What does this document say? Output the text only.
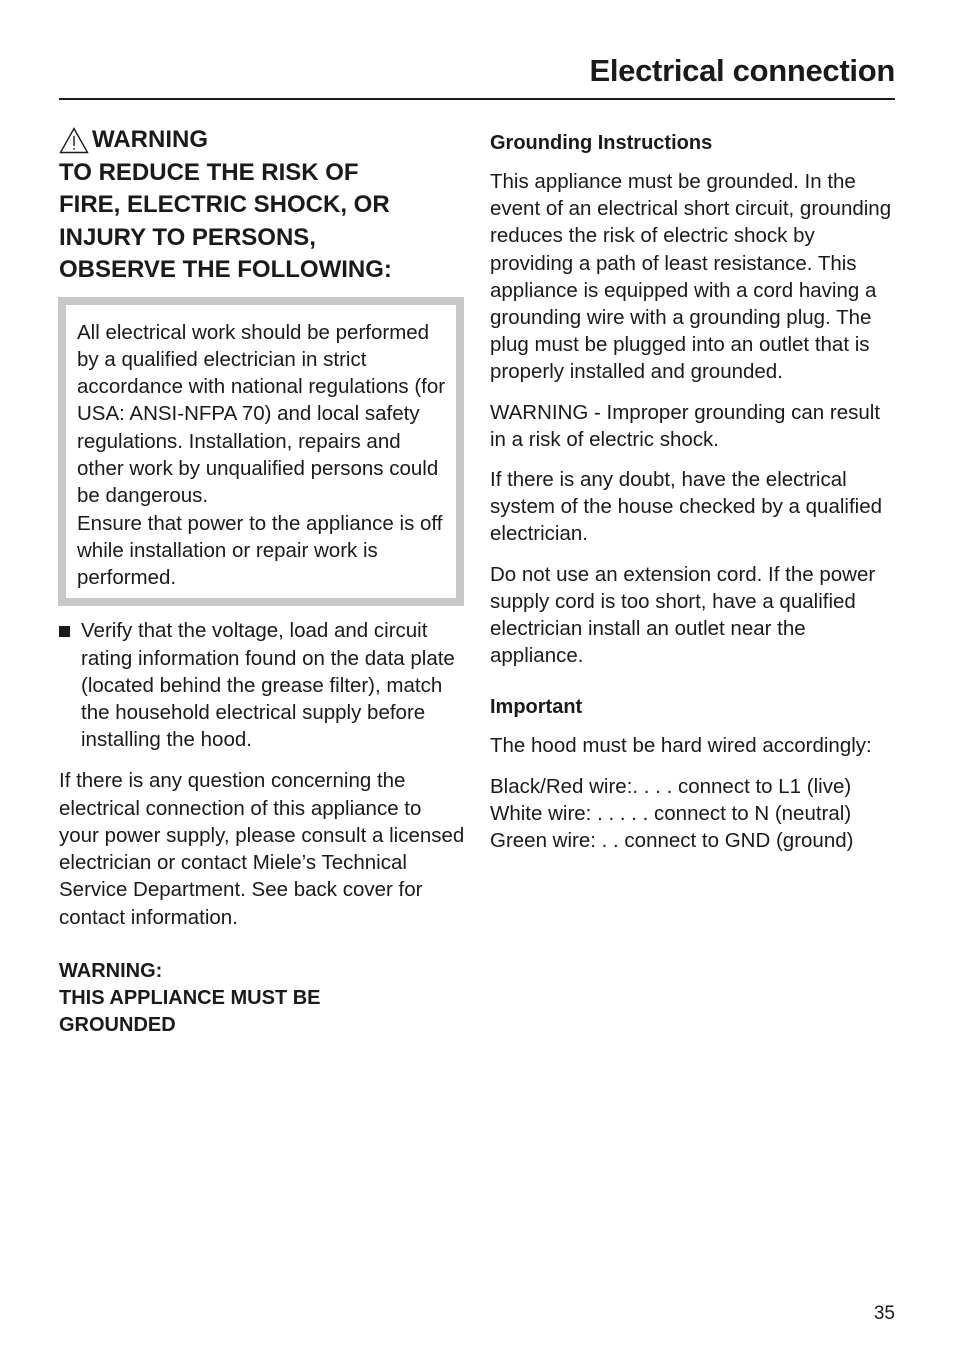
Electrical connection
WARNING
TO REDUCE THE RISK OF
FIRE, ELECTRIC SHOCK, OR
INJURY TO PERSONS,
OBSERVE THE FOLLOWING:

All electrical work should be performed by a qualified electrician in strict accordance with national regulations (for USA: ANSI-NFPA 70) and local safety regulations. Installation, repairs and other work by unqualified persons could be dangerous.

Ensure that power to the appliance is off while installation or repair work is performed.

Verify that the voltage, load and circuit rating information found on the data plate (located behind the grease filter), match the household electrical supply before installing the hood.

If there is any question concerning the electrical connection of this appliance to your power supply, please consult a licensed electrician or contact Miele’s Technical Service Department. See back cover for contact information.

WARNING:
THIS APPLIANCE MUST BE
GROUNDED
Grounding Instructions

This appliance must be grounded. In the event of an electrical short circuit, grounding reduces the risk of electric shock by providing a path of least resistance. This appliance is equipped with a cord having a grounding wire with a grounding plug. The plug must be plugged into an outlet that is properly installed and grounded.

WARNING - Improper grounding can result in a risk of electric shock.

If there is any doubt, have the electrical system of the house checked by a qualified electrician.

Do not use an extension cord. If the power supply cord is too short, have a qualified electrician install an outlet near the appliance.

Important

The hood must be hard wired accordingly:

Black/Red wire:. . . . connect to L1 (live)
White wire: . . . . . connect to N (neutral)
Green wire: . . connect to GND (ground)
35
